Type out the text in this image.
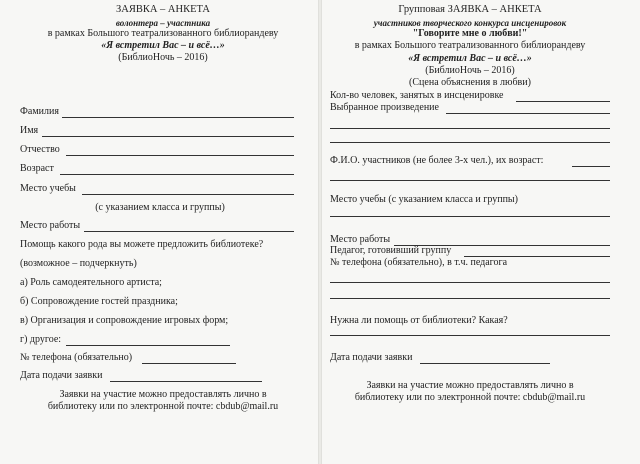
ЗАЯВКА – АНКЕТА
волонтера – участника
в рамках Большого театрализованного библиорандеву
«Я встретил Вас – и всё…»
(БиблиоНочь – 2016)
Фамилия
Имя
Отчество
Возраст
Место учебы
(с указанием класса и группы)
Место работы
Помощь какого рода вы можете предложить библиотеке?
(возможное – подчеркнуть)
а) Роль самодеятельного артиста;
б) Сопровождение гостей праздника;
в) Организация и сопровождение игровых форм;
г) другое:
№ телефона (обязательно)
Дата подачи заявки
Заявки на участие можно предоставлять лично в
библиотеку или по электронной почте: cbdub@mail.ru
Групповая ЗАЯВКА – АНКЕТА
участников творческого конкурса инсценировок
"Говорите мне о любви!"
в рамках Большого театрализованного библиорандеву
«Я встретил Вас – и всё…»
(БиблиоНочь – 2016)
(Сцена объяснения в любви)
Кол-во человек, занятых в инсценировке
Выбранное произведение
Ф.И.О. участников (не более 3-х чел.), их возраст:
Место учебы (с указанием класса и группы)
Место работы
Педагог, готовивший группу
№ телефона (обязательно), в т.ч. педагога
Нужна ли помощь от библиотеки? Какая?
Дата подачи заявки
Заявки на участие можно предоставлять лично в
библиотеку или по электронной почте: cbdub@mail.ru
